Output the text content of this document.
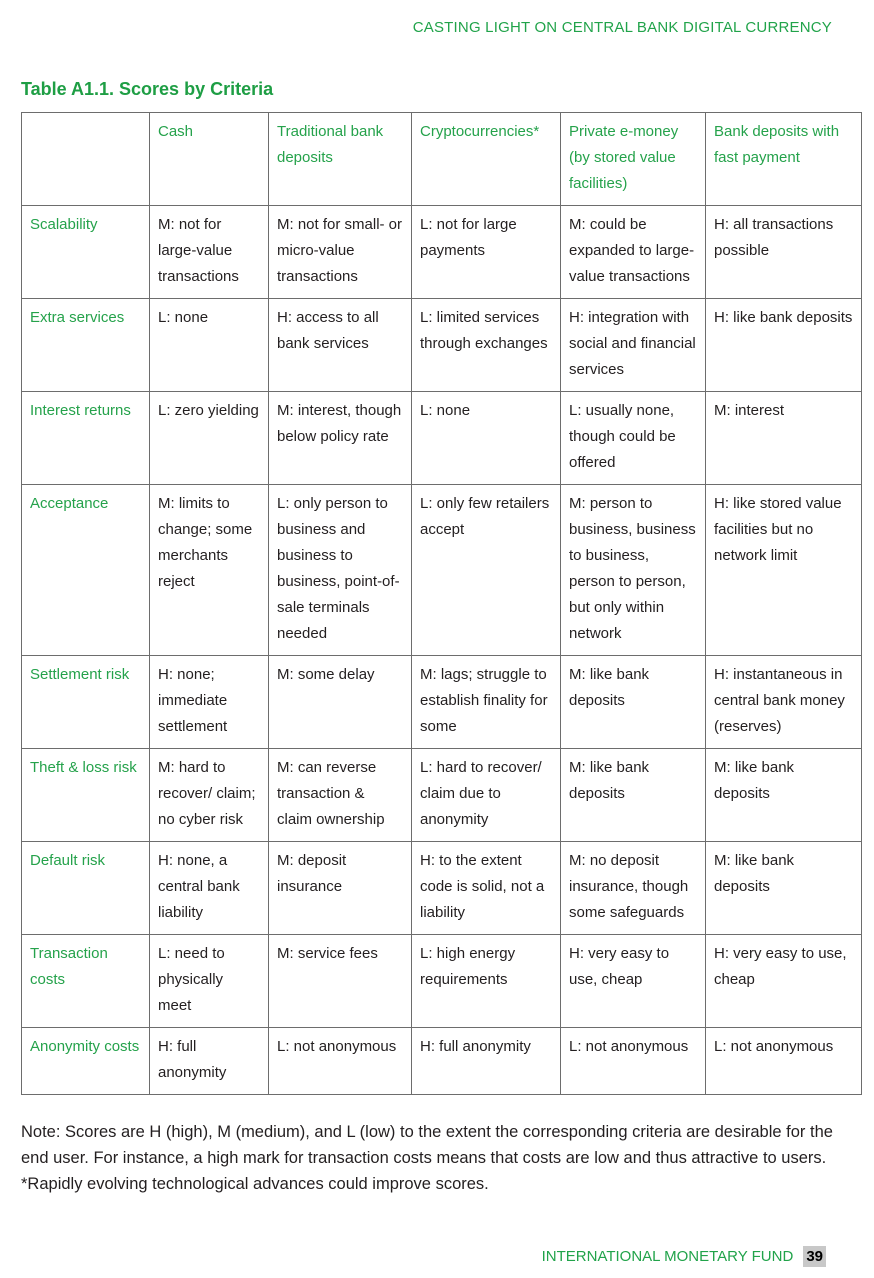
CASTING LIGHT ON CENTRAL BANK DIGITAL CURRENCY
Table A1.1. Scores by Criteria
	Cash	Traditional bank deposits	Cryptocurrencies*	Private e-money (by stored value facilities)	Bank deposits with fast payment
Scalability	M: not for large-value transactions	M: not for small- or micro-value transactions	L: not for large payments	M: could be expanded to large-value transactions	H: all transactions possible
Extra services	L: none	H: access to all bank services	L: limited services through exchanges	H: integration with social and financial services	H: like bank deposits
Interest returns	L: zero yielding	M: interest, though below policy rate	L: none	L: usually none, though could be offered	M: interest
Acceptance	M: limits to change; some merchants reject	L: only person to business and business to business, point-of-sale terminals needed	L: only few retailers accept	M: person to business, business to business, person to person, but only within network	H: like stored value facilities but no network limit
Settlement risk	H: none; immediate settlement	M: some delay	M: lags; struggle to establish finality for some	M: like bank deposits	H: instantaneous in central bank money (reserves)
Theft & loss risk	M: hard to recover/ claim; no cyber risk	M: can reverse transaction & claim ownership	L: hard to recover/ claim due to anonymity	M: like bank deposits	M: like bank deposits
Default risk	H: none, a central bank liability	M: deposit insurance	H: to the extent code is solid, not a liability	M: no deposit insurance, though some safeguards	M: like bank deposits
Transaction costs	L: need to physically meet	M: service fees	L: high energy requirements	H: very easy to use, cheap	H: very easy to use, cheap
Anonymity costs	H: full anonymity	L: not anonymous	H: full anonymity	L: not anonymous	L: not anonymous
Note: Scores are H (high), M (medium), and L (low) to the extent the corresponding criteria are desirable for the end user. For instance, a high mark for transaction costs means that costs are low and thus attractive to users. *Rapidly evolving technological advances could improve scores.
INTERNATIONAL MONETARY FUND 39
